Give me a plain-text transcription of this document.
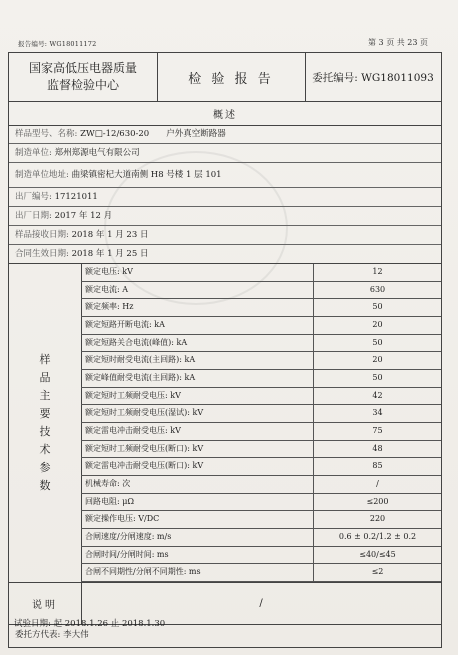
报告编号: WG18011172	第 3 页 共 23 页
国家高低压电器质量
监督检验中心	检 验 报 告	委托编号: WG18011093
概述
样品型号、名称: ZW□-12/630-20　　户外真空断路器
制造单位: 郑州郑源电气有限公司
制造单位地址: 曲梁镇密杞大道南侧 H8 号楼 1 层 101
出厂编号: 17121011
出厂日期: 2017 年 12 月
样品接收日期: 2018 年 1 月 23 日
合同生效日期: 2018 年 1 月 25 日
样
品
主
要
技
术
参
数
额定电压: kV	12
额定电流: A	630
额定频率: Hz	50
额定短路开断电流: kA	20
额定短路关合电流(峰值): kA	50
额定短时耐受电流(主回路): kA	20
额定峰值耐受电流(主回路): kA	50
额定短时工频耐受电压: kV	42
额定短时工频耐受电压(湿试): kV	34
额定雷电冲击耐受电压: kV	75
额定短时工频耐受电压(断口): kV	48
额定雷电冲击耐受电压(断口): kV	85
机械寿命: 次	/
回路电阻: μΩ	≤200
额定操作电压: V/DC	220
合闸速度/分闸速度: m/s	0.6 ± 0.2/1.2 ± 0.2
合闸时间/分闸时间: ms	≤40/≤45
合闸不同期性/分闸不同期性: ms	≤2
说明	/
委托方代表: 李大伟
试验日期: 起 2018.1.26 止 2018.1.30
